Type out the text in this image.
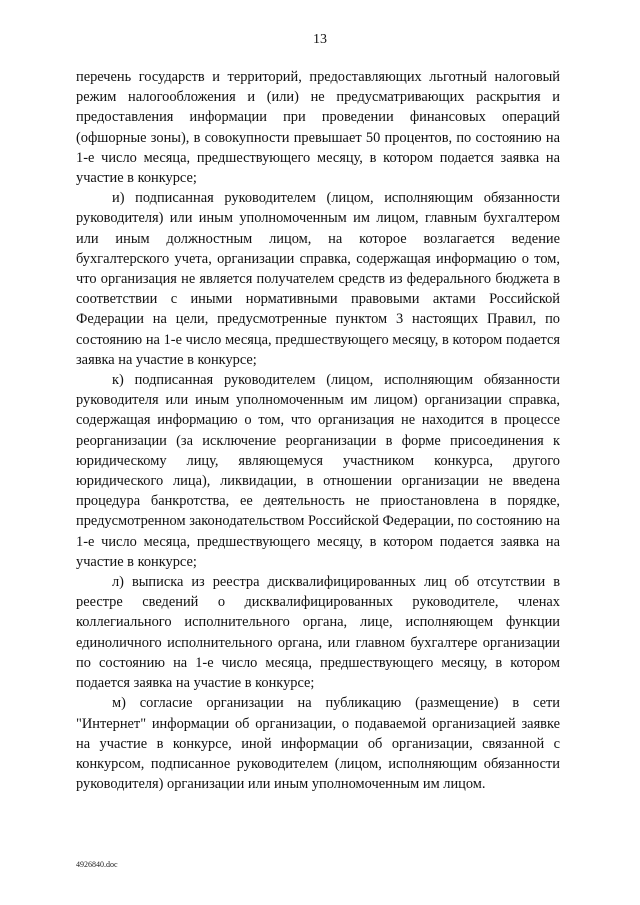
13

перечень государств и территорий, предоставляющих льготный налоговый режим налогообложения и (или) не предусматривающих раскрытия и предоставления информации при проведении финансовых операций (офшорные зоны), в совокупности превышает 50 процентов, по состоянию на 1-е число месяца, предшествующего месяцу, в котором подается заявка на участие в конкурсе;

и) подписанная руководителем (лицом, исполняющим обязанности руководителя) или иным уполномоченным им лицом, главным бухгалтером или иным должностным лицом, на которое возлагается ведение бухгалтерского учета, организации справка, содержащая информацию о том, что организация не является получателем средств из федерального бюджета в соответствии с иными нормативными правовыми актами Российской Федерации на цели, предусмотренные пунктом 3 настоящих Правил, по состоянию на 1-е число месяца, предшествующего месяцу, в котором подается заявка на участие в конкурсе;

к) подписанная руководителем (лицом, исполняющим обязанности руководителя или иным уполномоченным им лицом) организации справка, содержащая информацию о том, что организация не находится в процессе реорганизации (за исключение реорганизации в форме присоединения к юридическому лицу, являющемуся участником конкурса, другого юридического лица), ликвидации, в отношении организации не введена процедура банкротства, ее деятельность не приостановлена в порядке, предусмотренном законодательством Российской Федерации, по состоянию на 1-е число месяца, предшествующего месяцу, в котором подается заявка на участие в конкурсе;

л) выписка из реестра дисквалифицированных лиц об отсутствии в реестре сведений о дисквалифицированных руководителе, членах коллегиального исполнительного органа, лице, исполняющем функции единоличного исполнительного органа, или главном бухгалтере организации по состоянию на 1-е число месяца, предшествующего месяцу, в котором подается заявка на участие в конкурсе;

м) согласие организации на публикацию (размещение) в сети "Интернет" информации об организации, о подаваемой организацией заявке на участие в конкурсе, иной информации об организации, связанной с конкурсом, подписанное руководителем (лицом, исполняющим обязанности руководителя) организации или иным уполномоченным им лицом.

4926840.doc
